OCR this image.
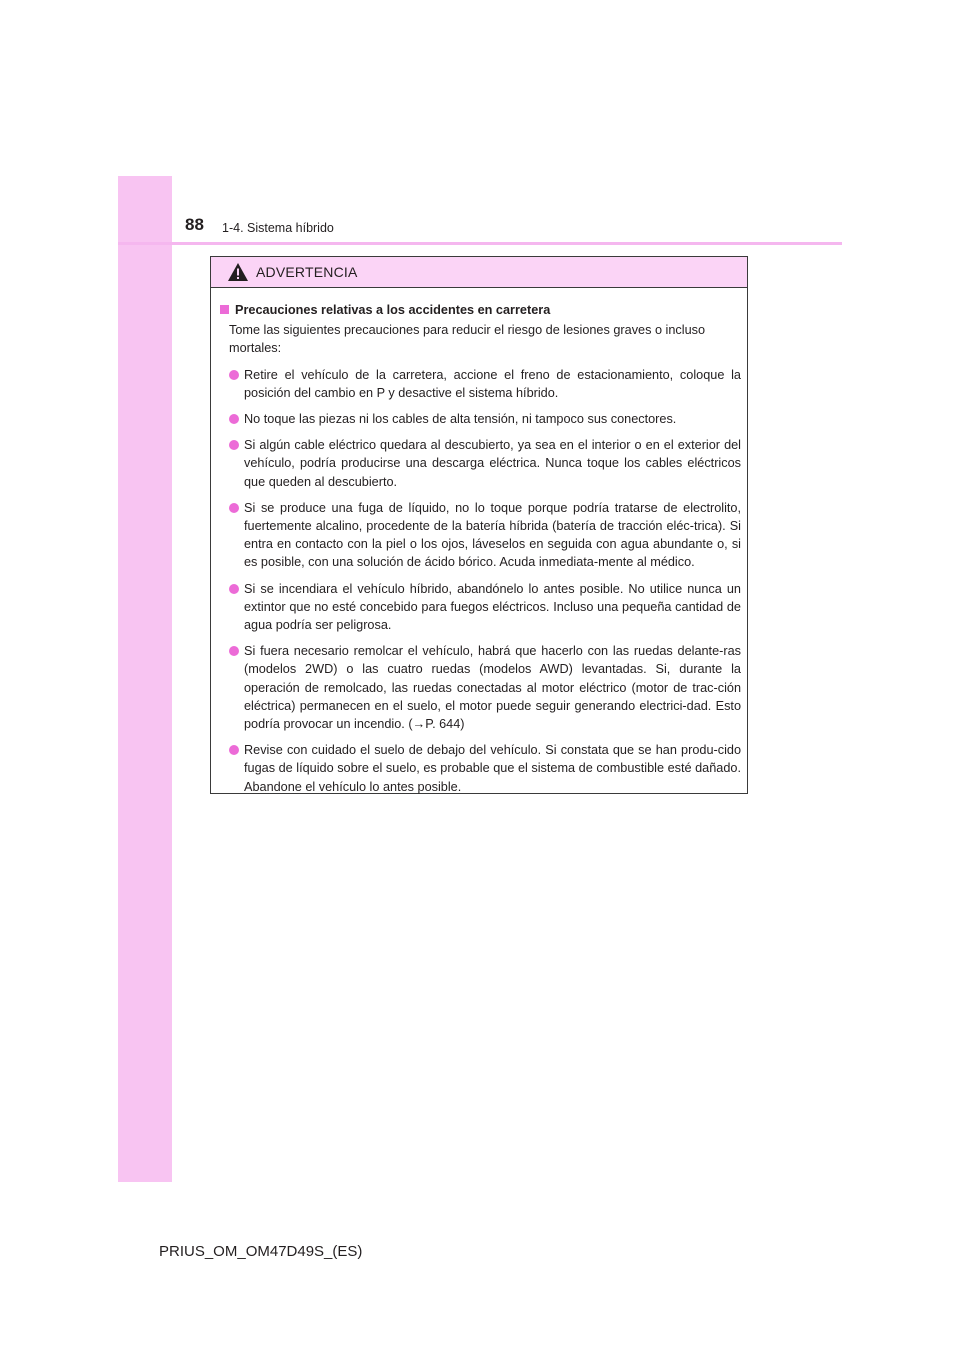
88 1-4. Sistema híbrido
ADVERTENCIA
Precauciones relativas a los accidentes en carretera
Tome las siguientes precauciones para reducir el riesgo de lesiones graves o incluso mortales:
Retire el vehículo de la carretera, accione el freno de estacionamiento, coloque la posición del cambio en P y desactive el sistema híbrido.
No toque las piezas ni los cables de alta tensión, ni tampoco sus conectores.
Si algún cable eléctrico quedara al descubierto, ya sea en el interior o en el exterior del vehículo, podría producirse una descarga eléctrica. Nunca toque los cables eléctricos que queden al descubierto.
Si se produce una fuga de líquido, no lo toque porque podría tratarse de electrolito, fuertemente alcalino, procedente de la batería híbrida (batería de tracción eléc-trica). Si entra en contacto con la piel o los ojos, láveselos en seguida con agua abundante o, si es posible, con una solución de ácido bórico. Acuda inmediata-mente al médico.
Si se incendiara el vehículo híbrido, abandónelo lo antes posible. No utilice nunca un extintor que no esté concebido para fuegos eléctricos. Incluso una pequeña cantidad de agua podría ser peligrosa.
Si fuera necesario remolcar el vehículo, habrá que hacerlo con las ruedas delante-ras (modelos 2WD) o las cuatro ruedas (modelos AWD) levantadas. Si, durante la operación de remolcado, las ruedas conectadas al motor eléctrico (motor de trac-ción eléctrica) permanecen en el suelo, el motor puede seguir generando electrici-dad. Esto podría provocar un incendio. (→P. 644)
Revise con cuidado el suelo de debajo del vehículo. Si constata que se han produ-cido fugas de líquido sobre el suelo, es probable que el sistema de combustible esté dañado. Abandone el vehículo lo antes posible.
PRIUS_OM_OM47D49S_(ES)
